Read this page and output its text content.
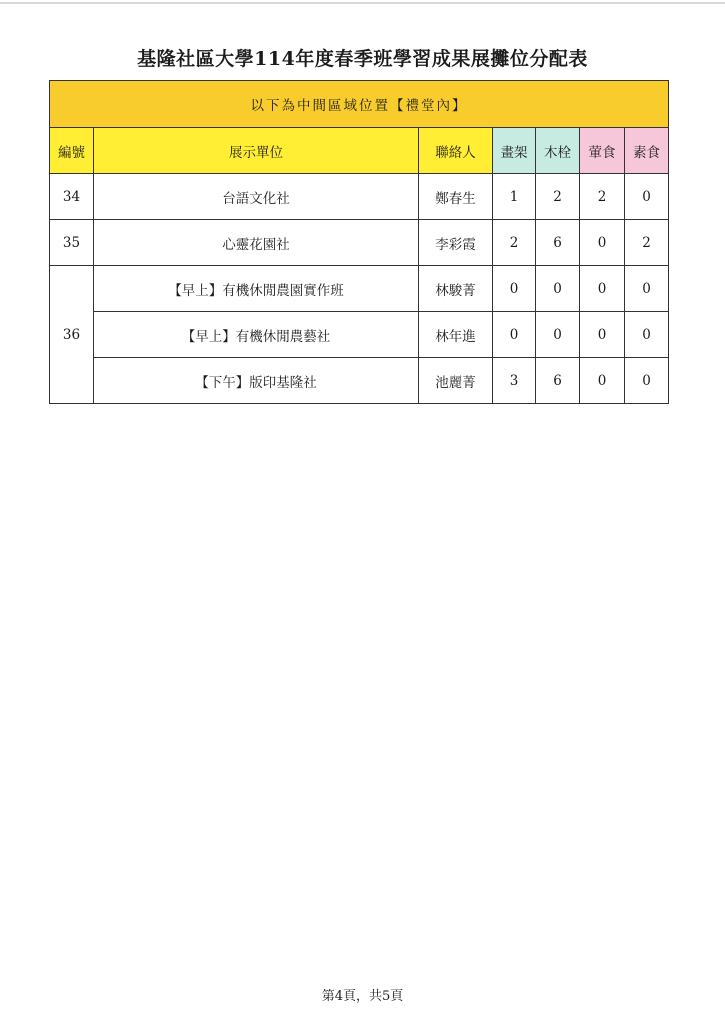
基隆社區大學114年度春季班學習成果展攤位分配表
以下為中間區域位置【禮堂內】						
編號	展示單位	聯絡人	畫架	木栓	葷食	素食
34	台語文化社	鄭春生	1	2	2	0
35	心靈花園社	李彩霞	2	6	0	2
36	【早上】有機休閒農園實作班	林駿菁	0	0	0	0
	【早上】有機休閒農藝社	林年進	0	0	0	0
	【下午】版印基隆社	池麗菁	3	6	0	0
第4頁，共5頁
